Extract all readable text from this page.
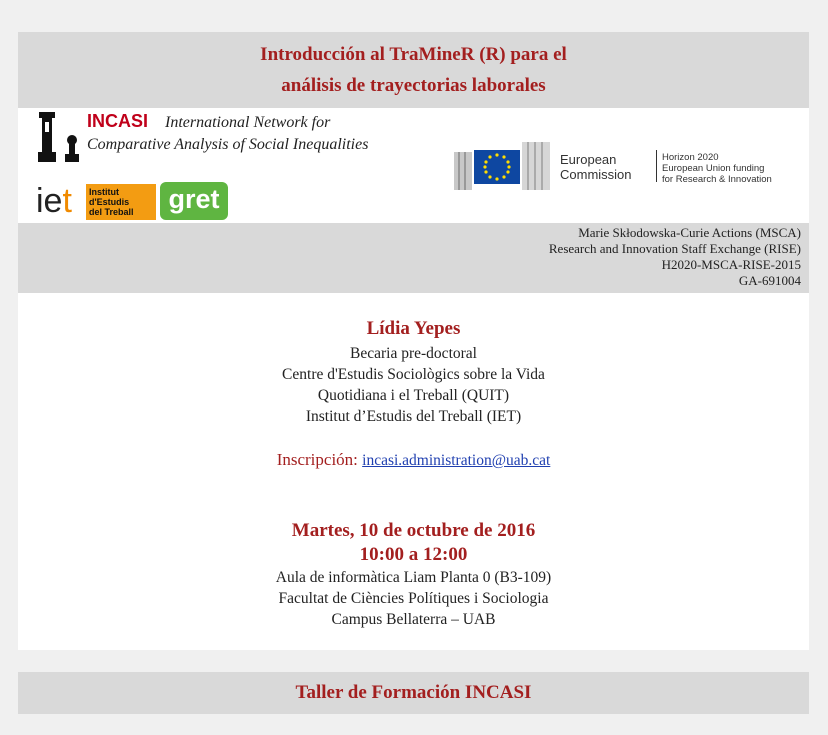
Introducción al TraMineR (R) para el
análisis de trayectorias laborales
INCASI International Network for
Comparative Analysis of Social Inequalities
iet Institut
d'Estudis
del Treball	gret
European
Commission
Horizon 2020
European Union funding
for Research & Innovation
Marie Skłodowska-Curie Actions (MSCA)
Research and Innovation Staff Exchange (RISE)
H2020-MSCA-RISE-2015
GA-691004
Lídia Yepes
Becaria pre-doctoral
Centre d'Estudis Sociològics sobre la Vida
Quotidiana i el Treball (QUIT)
Institut d’Estudis del Treball (IET)
Inscripción: incasi.administration@uab.cat
Martes, 10 de octubre de 2016
10:00 a 12:00
Aula de informàtica Liam Planta 0 (B3-109)
Facultat de Ciències Polítiques i Sociologia
Campus Bellaterra – UAB
Taller de Formación INCASI
